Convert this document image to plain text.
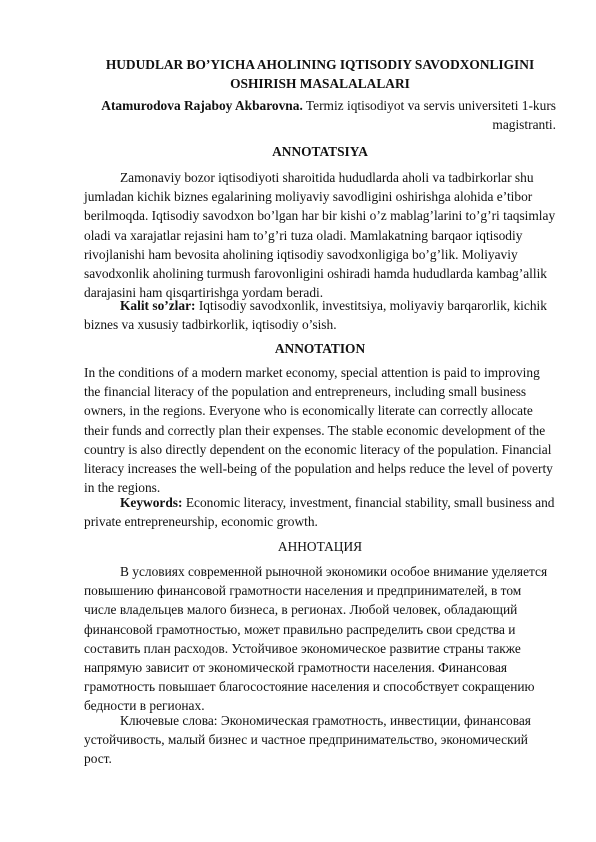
HUDUDLAR BO’YICHA AHOLINING IQTISODIY SAVODXONLIGINI
OSHIRISH MASALALALARI
Atamurodova Rajaboy Akbarovna. Termiz iqtisodiyot va servis universiteti 1-kurs magistranti.
ANNOTATSIYA

Zamonaviy bozor iqtisodiyoti sharoitida hududlarda aholi va tadbirkorlar shu jumladan kichik biznes egalarining moliyaviy savodligini oshirishga alohida e’tibor berilmoqda. Iqtisodiy savodxon bo’lgan har bir kishi o’z mablag’larini to’g’ri taqsimlay oladi va xarajatlar rejasini ham to’g’ri tuza oladi. Mamlakatning barqaor iqtisodiy rivojlanishi ham bevosita aholining iqtisodiy savodxonligiga bo’g’lik. Moliyaviy savodxonlik aholining turmush farovonligini oshiradi hamda hududlarda kambag’allik darajasini ham qisqartirishga yordam beradi.

Kalit so’zlar: Iqtisodiy savodxonlik, investitsiya, moliyaviy barqarorlik, kichik biznes va xususiy tadbirkorlik, iqtisodiy o’sish.

ANNOTATION

In the conditions of a modern market economy, special attention is paid to improving the financial literacy of the population and entrepreneurs, including small business owners, in the regions. Everyone who is economically literate can correctly allocate their funds and correctly plan their expenses. The stable economic development of the country is also directly dependent on the economic literacy of the population. Financial literacy increases the well-being of the population and helps reduce the level of poverty in the regions.

Keywords: Economic literacy, investment, financial stability, small business and private entrepreneurship, economic growth.

АННОТАЦИЯ

В условиях современной рыночной экономики особое внимание уделяется повышению финансовой грамотности населения и предпринимателей, в том числе владельцев малого бизнеса, в регионах. Любой человек, обладающий финансовой грамотностью, может правильно распределить свои средства и составить план расходов. Устойчивое экономическое развитие страны также напрямую зависит от экономической грамотности населения. Финансовая грамотность повышает благосостояние населения и способствует сокращению бедности в регионах.

Ключевые слова: Экономическая грамотность, инвестиции, финансовая устойчивость, малый бизнес и частное предпринимательство, экономический рост.
